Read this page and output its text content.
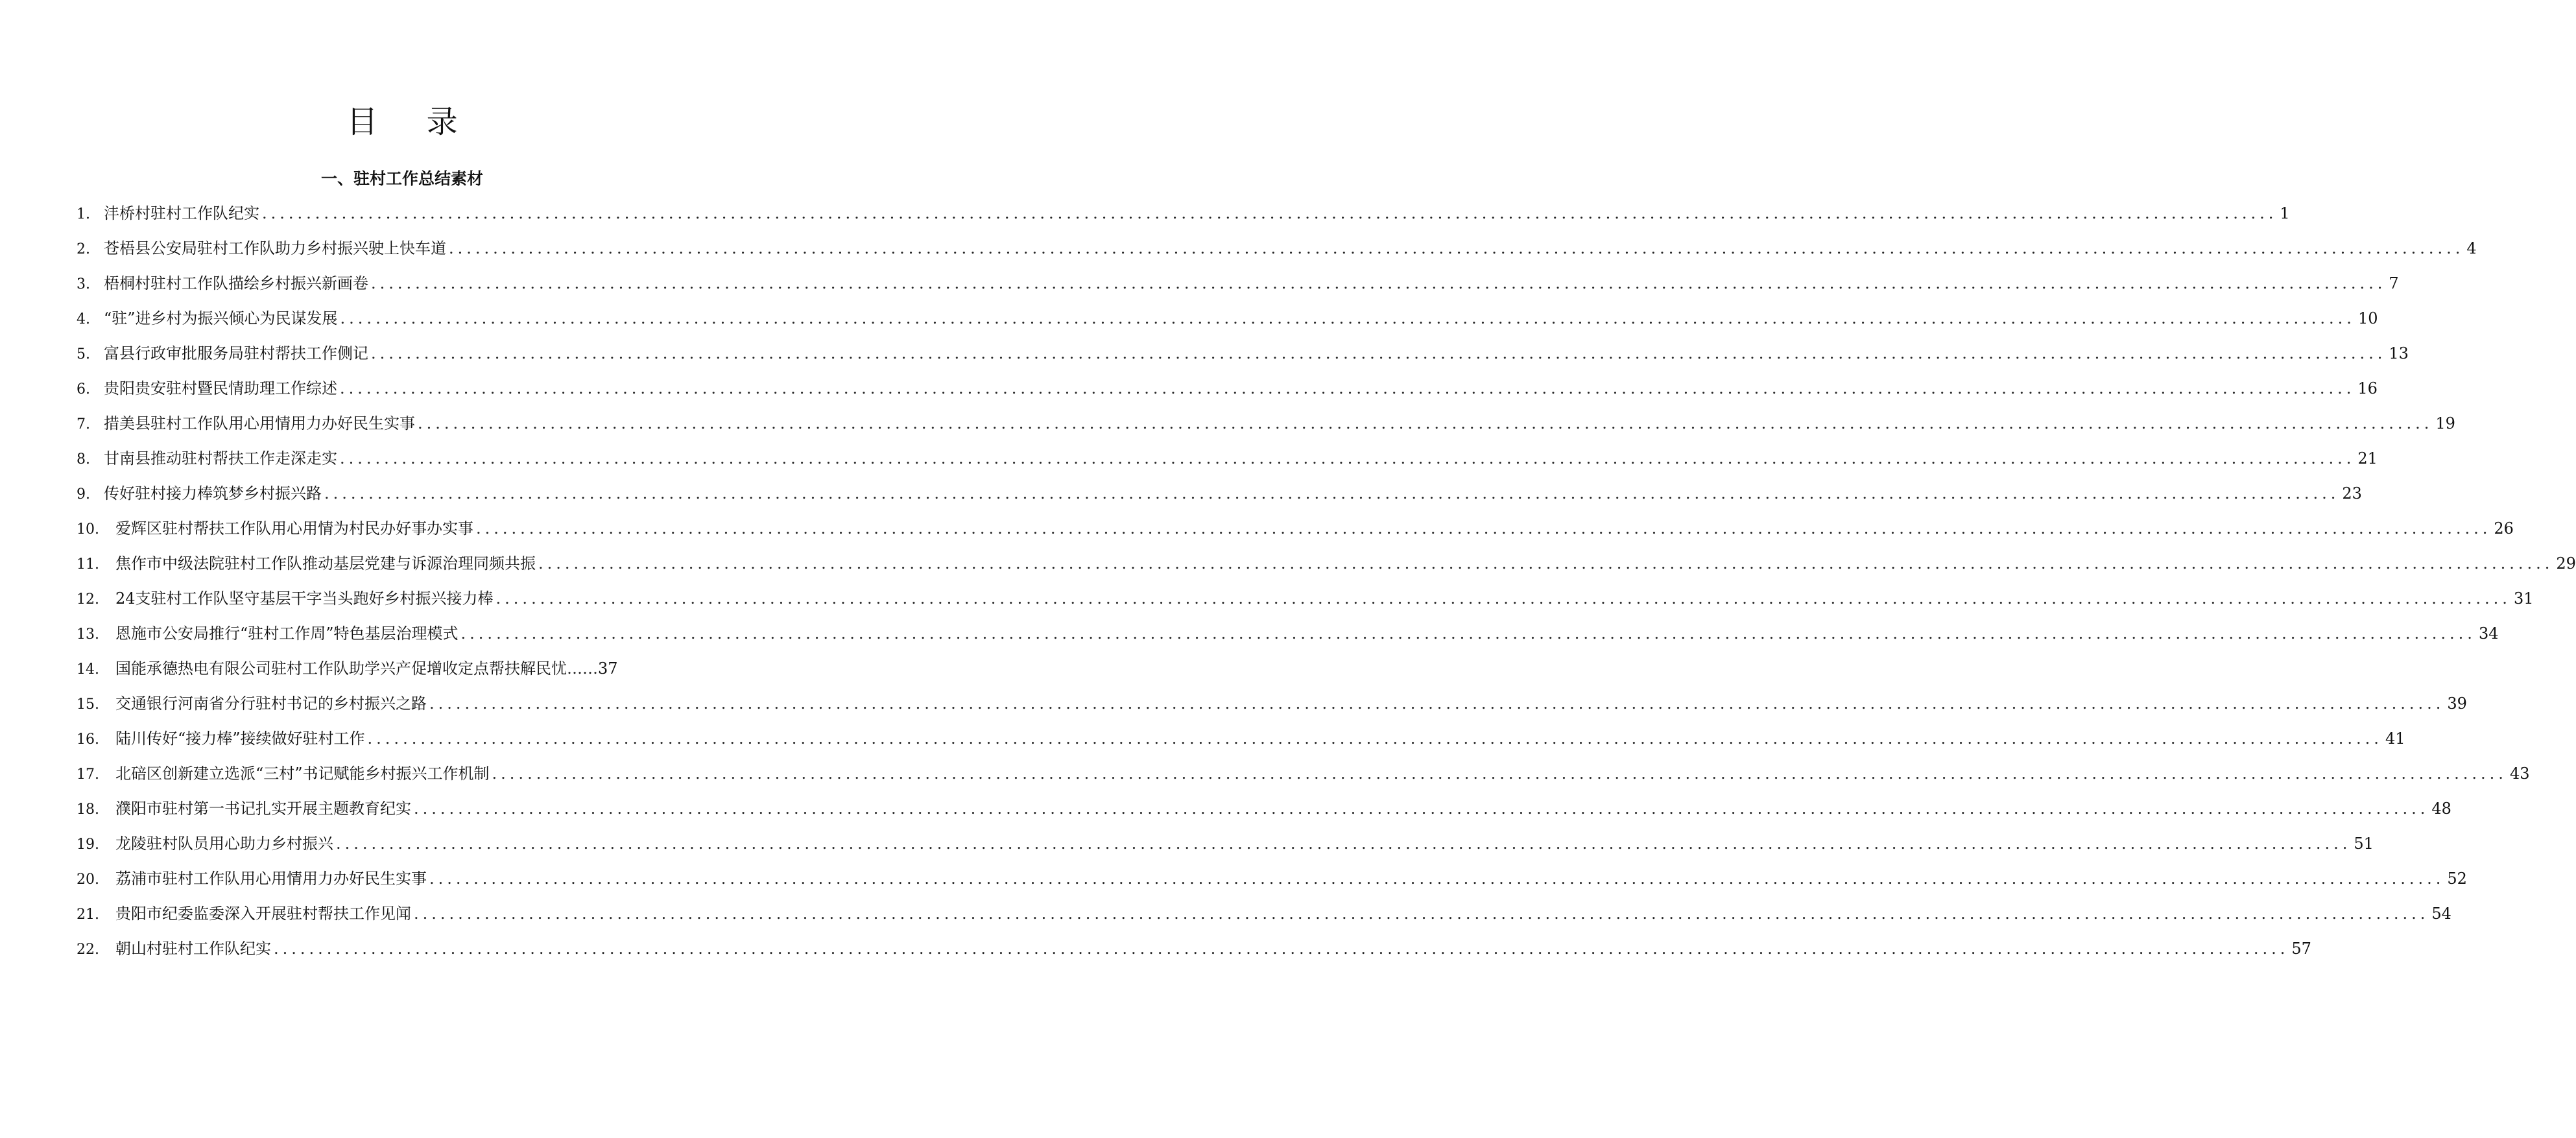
目 录
一、驻村工作总结素材
1. 沣桥村驻村工作队纪实 .....	1
2. 苍梧县公安局驻村工作队助力乡村振兴驶上快车道 .....	4
3. 梧桐村驻村工作队描绘乡村振兴新画卷 .....	7
4. “驻”进乡村为振兴倾心为民谋发展 .....	10
5. 富县行政审批服务局驻村帮扶工作侧记 .....	13
6. 贵阳贵安驻村暨民情助理工作综述 .....	16
7. 措美县驻村工作队用心用情用力办好民生实事 .....	19
8. 甘南县推动驻村帮扶工作走深走实 .....	21
9. 传好驻村接力棒筑梦乡村振兴路 .....	23
10.	爱辉区驻村帮扶工作队用心用情为村民办好事办实事 .....	26
11.	焦作市中级法院驻村工作队推动基层党建与诉源治理同频共振 .....	29
12.	24支驻村工作队坚守基层干字当头跑好乡村振兴接力棒 .....	31
13.	恩施市公安局推行“驻村工作周”特色基层治理模式 .....	34
14.	国能承德热电有限公司驻村工作队助学兴产促增收定点帮扶解民忧 …… 37
15.	交通银行河南省分行驻村书记的乡村振兴之路 .....	39
16.	陆川传好“接力棒”接续做好驻村工作 .....	41
17.	北碚区创新建立选派“三村”书记赋能乡村振兴工作机制 .....	43
18.	濮阳市驻村第一书记扎实开展主题教育纪实 .....	48
19.	龙陵驻村队员用心助力乡村振兴 .....	51
20.	荔浦市驻村工作队用心用情用力办好民生实事 .....	52
21.	贵阳市纪委监委深入开展驻村帮扶工作见闻 .....	54
22.	朝山村驻村工作队纪实 .....	57
